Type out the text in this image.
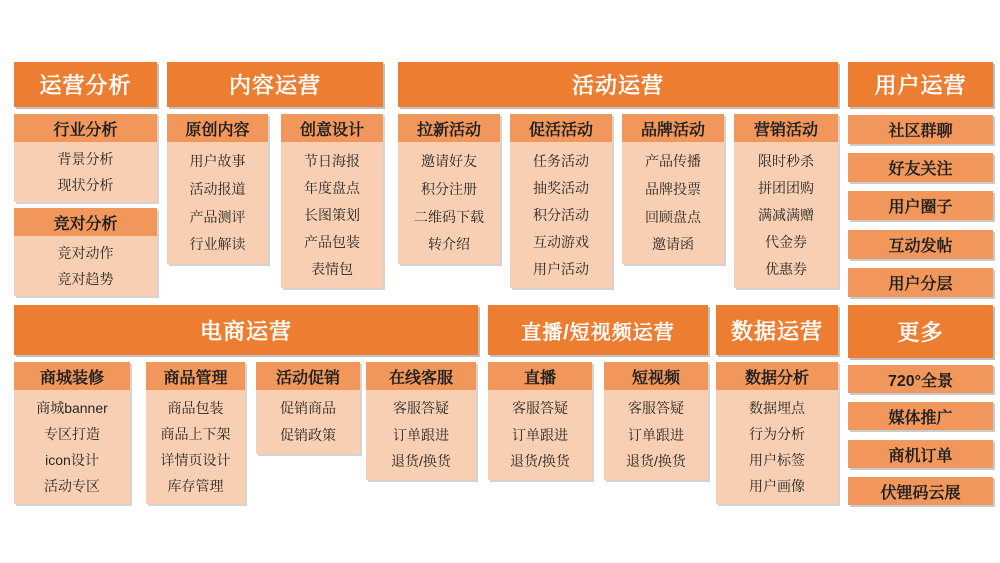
运营分析	内容运营	活动运营	用户运营
行业分析
背景分析
现状分析
竞对分析
竞对动作
竞对趋势
原创内容
用户故事
活动报道
产品测评
行业解读
创意设计
节日海报
年度盘点
长图策划
产品包装
表情包
拉新活动
邀请好友
积分注册
二维码下载
转介绍
促活活动
任务活动
抽奖活动
积分活动
互动游戏
用户活动
品牌活动
产品传播
品牌投票
回顾盘点
邀请函
营销活动
限时秒杀
拼团团购
满减满赠
代金券
优惠券
社区群聊
好友关注
用户圈子
互动发帖
用户分层
电商运营	直播/短视频运营	数据运营	更多
商城装修
商城banner
专区打造
icon设计
活动专区
商品管理
商品包装
商品上下架
详情页设计
库存管理
活动促销
促销商品
促销政策
在线客服
客服答疑
订单跟进
退货/换货
直播
客服答疑
订单跟进
退货/换货
短视频
客服答疑
订单跟进
退货/换货
数据分析
数据埋点
行为分析
用户标签
用户画像
720°全景
媒体推广
商机订单
伏锂码云展
